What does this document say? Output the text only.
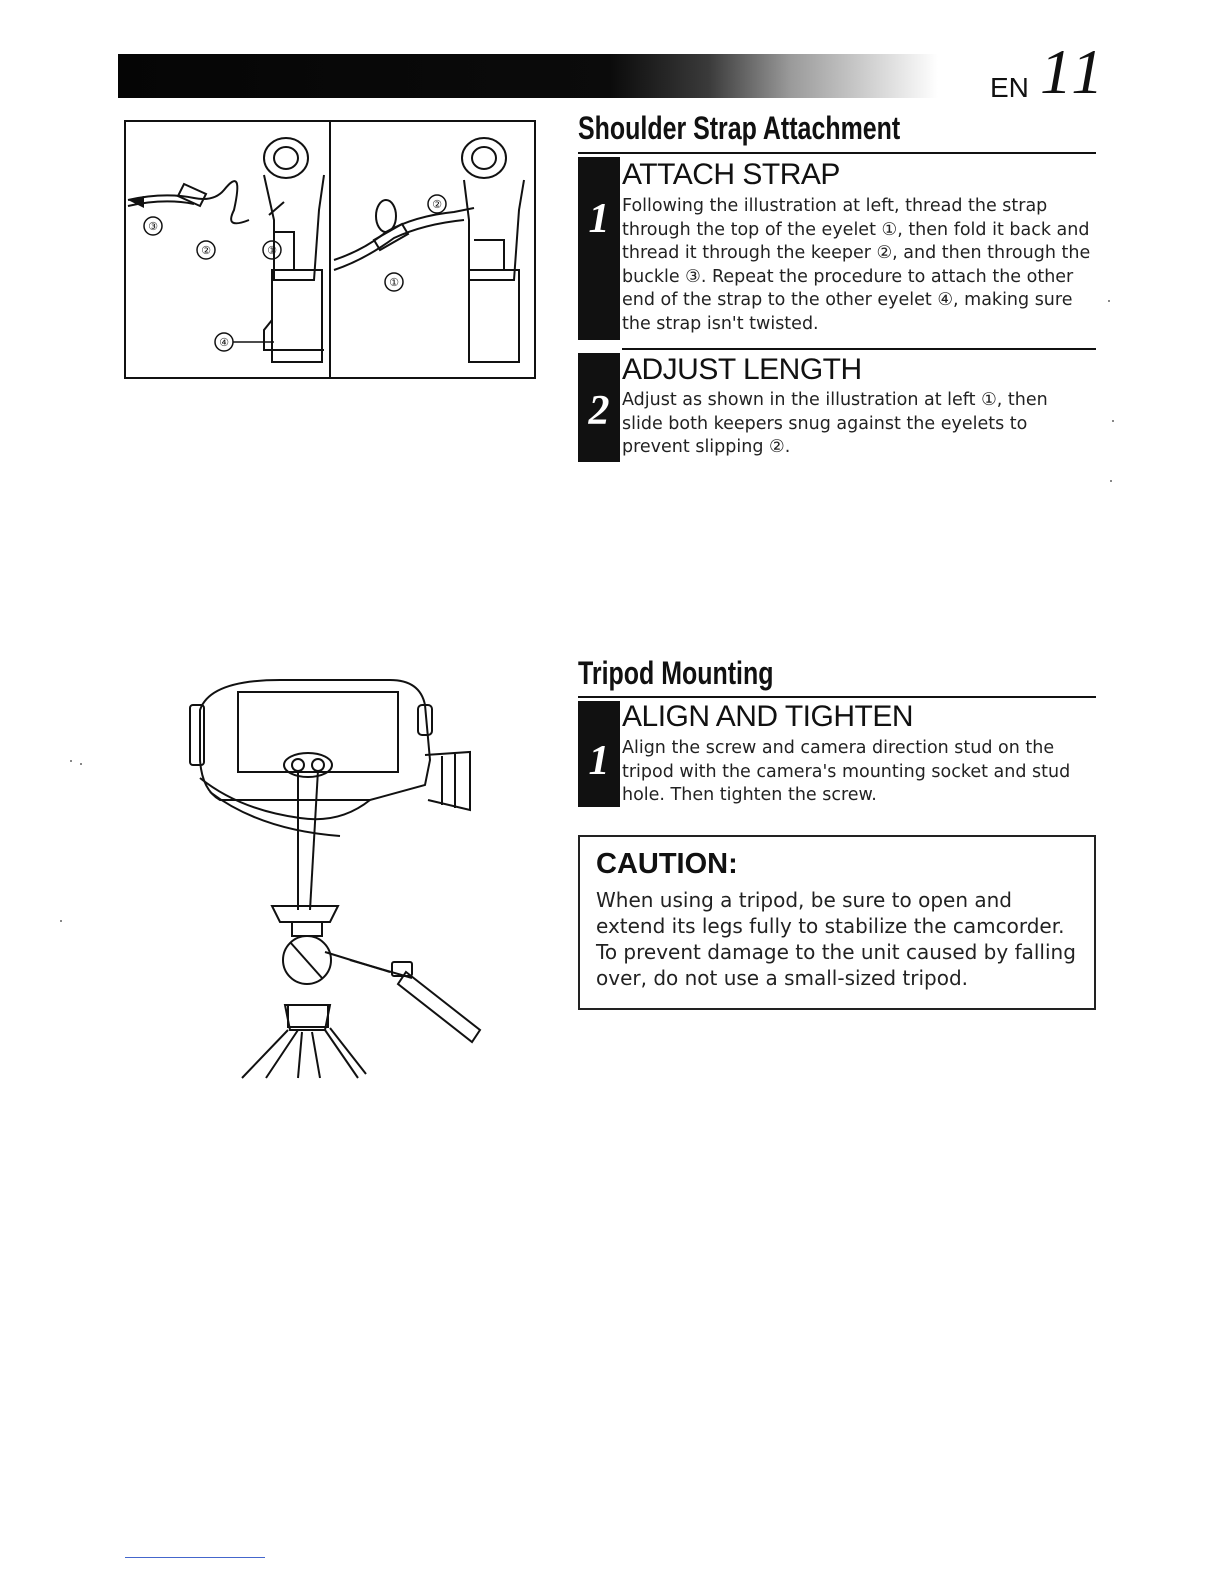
EN 11
③
②	①
②
①
④
Shoulder Strap Attachment
1
ATTACH STRAP
Following the illustration at left, thread the strap through the top of the eyelet ①, then fold it back and thread it through the keeper ②, and then through the buckle ③. Repeat the procedure to attach the other end of the strap to the other eyelet ④, making sure the strap isn't twisted.
2
ADJUST LENGTH
Adjust as shown in the illustration at left ①, then slide both keepers snug against the eyelets to prevent slipping ②.
Tripod Mounting
1
ALIGN AND TIGHTEN
Align the screw and camera direction stud on the tripod with the camera's mounting socket and stud hole. Then tighten the screw.
CAUTION:
When using a tripod, be sure to open and extend its legs fully to stabilize the camcorder. To prevent damage to the unit caused by falling over, do not use a small-sized tripod.
